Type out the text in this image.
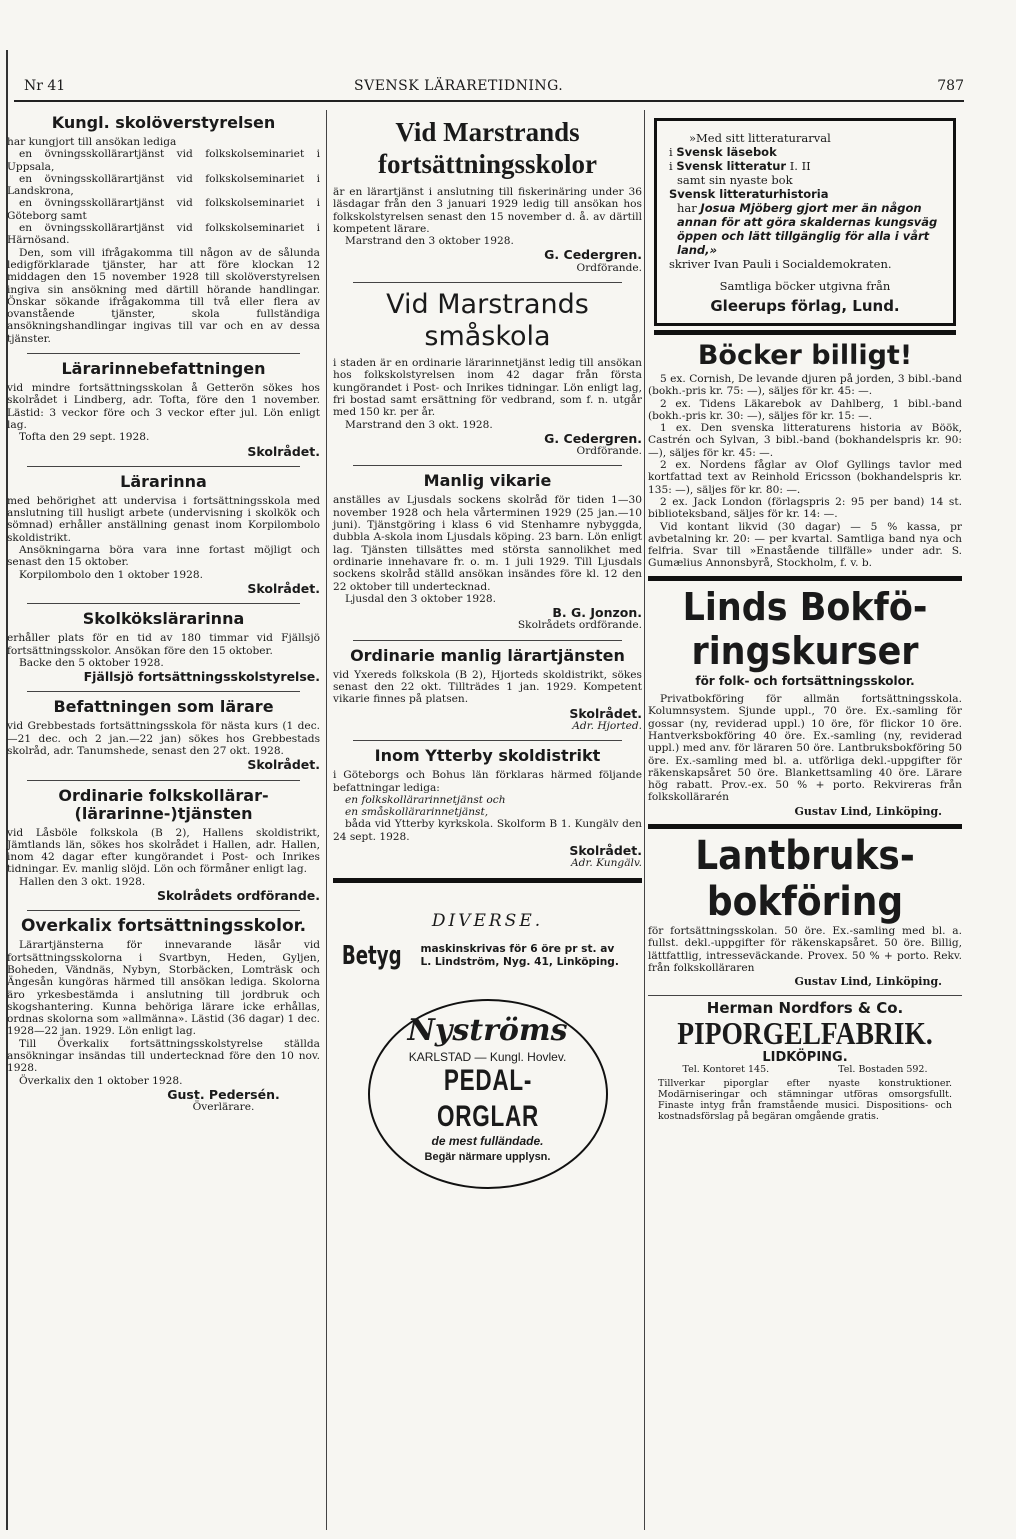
Nr 41	SVENSK LÄRARETIDNING.	787
Kungl. skolöverstyrelsen

har kungjort till ansökan lediga

en övningsskollärartjänst vid folkskolseminariet i Uppsala,

en övningsskollärartjänst vid folkskolseminariet i Landskrona,

en övningsskollärartjänst vid folkskolseminariet i Göteborg samt

en övningsskollärartjänst vid folkskolseminariet i Härnösand.

Den, som vill ifrågakomma till någon av de sålunda ledigförklarade tjänster, har att före klockan 12 middagen den 15 november 1928 till skolöverstyrelsen ingiva sin ansökning med därtill hörande handlingar. Önskar sökande ifrågakomma till två eller flera av ovanstående tjänster, skola fullständiga ansökningshandlingar ingivas till var och en av dessa tjänster.

Lärarinnebefattningen

vid mindre fortsättningsskolan å Getterön sökes hos skolrådet i Lindberg, adr. Tofta, före den 1 november. Lästid: 3 veckor före och 3 veckor efter jul. Lön enligt lag.

Tofta den 29 sept. 1928.

Skolrådet.

Lärarinna

med behörighet att undervisa i fortsättningsskola med anslutning till husligt arbete (undervisning i skolkök och sömnad) erhåller anställning genast inom Korpilombolo skoldistrikt.

Ansökningarna böra vara inne fortast möjligt och senast den 15 oktober.

Korpilombolo den 1 oktober 1928.

Skolrådet.

Skolkökslärarinna

erhåller plats för en tid av 180 timmar vid Fjällsjö fortsättningsskolor. Ansökan före den 15 oktober.

Backe den 5 oktober 1928.

Fjällsjö fortsättningsskolstyrelse.

Befattningen som lärare

vid Grebbestads fortsättningsskola för nästa kurs (1 dec.—21 dec. och 2 jan.—22 jan) sökes hos Grebbestads skolråd, adr. Tanumshede, senast den 27 okt. 1928.

Skolrådet.

Ordinarie folkskollärar- (lärarinne-)tjänsten

vid Låsböle folkskola (B 2), Hallens skoldistrikt, Jämtlands län, sökes hos skolrådet i Hallen, adr. Hallen, inom 42 dagar efter kungörandet i Post- och Inrikes tidningar. Ev. manlig slöjd. Lön och förmåner enligt lag.

Hallen den 3 okt. 1928.

Skolrådets ordförande.

Overkalix fortsättningsskolor.

Lärartjänsterna för innevarande läsår vid fortsättningsskolorna i Svartbyn, Heden, Gyljen, Boheden, Vändnäs, Nybyn, Storbäcken, Lomträsk och Ängesån kungöras härmed till ansökan lediga. Skolorna äro yrkesbestämda i anslutning till jordbruk och skogshantering. Kunna behöriga lärare icke erhållas, ordnas skolorna som »allmänna». Lästid (36 dagar) 1 dec. 1928—22 jan. 1929. Lön enligt lag.

Till Överkalix fortsättningsskolstyrelse ställda ansökningar insändas till undertecknad före den 10 nov. 1928.

Överkalix den 1 oktober 1928.

Gust. Pedersén.

Överlärare.

Vid Marstrands fortsättningsskolor

är en lärartjänst i anslutning till fiskerinäring under 36 läsdagar från den 3 januari 1929 ledig till ansökan hos folkskolstyrelsen senast den 15 november d. å. av därtill kompetent lärare.

Marstrand den 3 oktober 1928.

G. Cedergren.

Ordförande.

Vid Marstrands småskola

i staden är en ordinarie lärarinnetjänst ledig till ansökan hos folkskolstyrelsen inom 42 dagar från första kungörandet i Post- och Inrikes tidningar. Lön enligt lag, fri bostad samt ersättning för vedbrand, som f. n. utgår med 150 kr. per år.

Marstrand den 3 okt. 1928.

G. Cedergren.

Ordförande.

Manlig vikarie

anställes av Ljusdals sockens skolråd för tiden 1—30 november 1928 och hela vårterminen 1929 (25 jan.—10 juni). Tjänstgöring i klass 6 vid Stenhamre nybyggda, dubbla A-skola inom Ljusdals köping. 23 barn. Lön enligt lag. Tjänsten tillsättes med största sannolikhet med ordinarie innehavare fr. o. m. 1 juli 1929. Till Ljusdals sockens skolråd ställd ansökan insändes före kl. 12 den 22 oktober till undertecknad.

Ljusdal den 3 oktober 1928.

B. G. Jonzon.

Skolrådets ordförande.

Ordinarie manlig lärartjänsten

vid Yxereds folkskola (B 2), Hjorteds skoldistrikt, sökes senast den 22 okt. Tillträdes 1 jan. 1929. Kompetent vikarie finnes på platsen.

Skolrådet.

Adr. Hjorted.

Inom Ytterby skoldistrikt

i Göteborgs och Bohus län förklaras härmed följande befattningar lediga:

en folkskollärarinnetjänst och

en småskollärarinnetjänst,

båda vid Ytterby kyrkskola. Skolform B 1. Kungälv den 24 sept. 1928.

Skolrådet.

Adr. Kungälv.

DIVERSE.
Betyg maskinskrivas för 6 öre pr st. av
L. Lindström, Nyg. 41, Linköping.
Nyströms
KARLSTAD — Kungl. Hovlev.
PEDAL-ORGLAR
de mest fulländade.
Begär närmare upplysn.
»Med sitt litteraturarval
i Svensk läsebok
i Svensk litteratur I. II
samt sin nyaste bok
Svensk litteraturhistoria
har Josua Mjöberg gjort mer än någon annan för att göra skaldernas kungsväg öppen och lätt tillgänglig för alla i vårt land,»
skriver Ivan Pauli i Socialdemokraten.
Samtliga böcker utgivna från
Gleerups förlag, Lund.
Böcker billigt!

5 ex. Cornish, De levande djuren på jorden, 3 bibl.-band (bokh.-pris kr. 75: —), säljes för kr. 45: —.

2 ex. Tidens Läkarebok av Dahlberg, 1 bibl.-band (bokh.-pris kr. 30: —), säljes för kr. 15: —.

1 ex. Den svenska litteraturens historia av Böök, Castrén och Sylvan, 3 bibl.-band (bokhandelspris kr. 90: —), säljes för kr. 45: —.

2 ex. Nordens fåglar av Olof Gyllings tavlor med kortfattad text av Reinhold Ericsson (bokhandelspris kr. 135: —), säljes för kr. 80: —.

2 ex. Jack London (förlagspris 2: 95 per band) 14 st. biblioteksband, säljes för kr. 14: —.

Vid kontant likvid (30 dagar) — 5 % kassa, pr avbetalning kr. 20: — per kvartal. Samtliga band nya och felfria. Svar till »Enastående tillfälle» under adr. S. Gumælius Annonsbyrå, Stockholm, f. v. b.

Linds Bokfö-
ringskurser
för folk- och fortsättningsskolor.

Privatbokföring för allmän fortsättningsskola. Kolumnsystem. Sjunde uppl., 70 öre. Ex.-samling för gossar (ny, reviderad uppl.) 10 öre, för flickor 10 öre. Hantverksbokföring 40 öre. Ex.-samling (ny, reviderad uppl.) med anv. för läraren 50 öre. Lantbruksbokföring 50 öre. Ex.-samling med bl. a. utförliga dekl.-uppgifter för räkenskapsåret 50 öre. Blankettsamling 40 öre. Lärare hög rabatt. Prov.-ex. 50 % + porto. Rekvireras från folkskollärarén

Gustav Lind, Linköping.

Lantbruks-
bokföring

för fortsättningsskolan. 50 öre. Ex.-samling med bl. a. fullst. dekl.-uppgifter för räkenskapsåret. 50 öre. Billig, lättfattlig, intresseväckande. Provex. 50 % + porto. Rekv. från folkskolläraren

Gustav Lind, Linköping.

Herman Nordfors & Co.
PIPORGELFABRIK.
LIDKÖPING.
Tel. Kontoret 145.	Tel. Bostaden 592.

Tillverkar piporglar efter nyaste konstruktioner. Modärniseringar och stämningar utföras omsorgsfullt. Finaste intyg från framstående musici. Dispositions- och kostnadsförslag på begäran omgående gratis.
